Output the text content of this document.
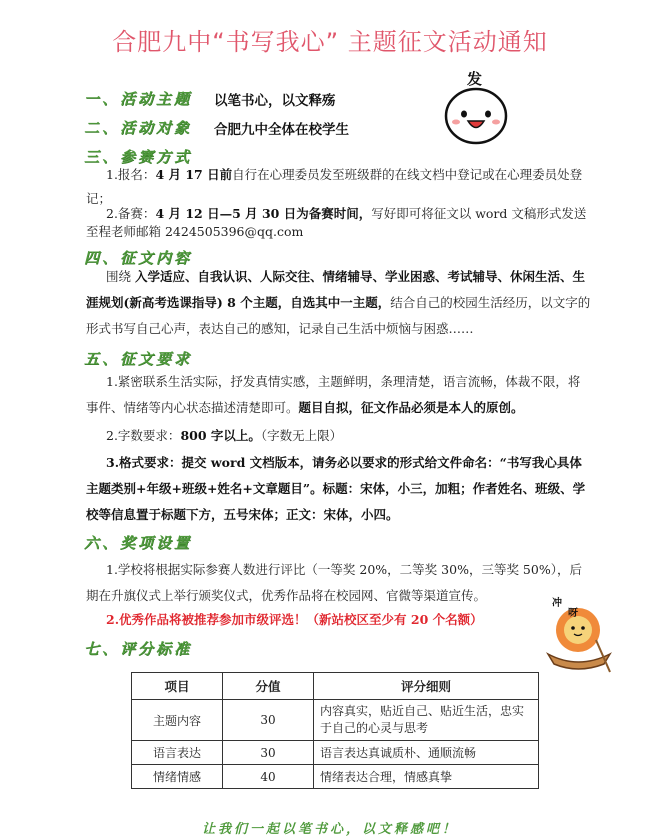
合肥九中“书写我心” 主题征文活动通知
一、活动主题 以笔书心，以文释殇
二、活动对象 合肥九中全体在校学生
发
三、参赛方式
1.报名：4 月 17 日前自行在心理委员发至班级群的在线文档中登记或在心理委员处登记；
2.备赛：4 月 12 日—5 月 30 日为备赛时间，写好即可将征文以 word 文稿形式发送至程老师邮箱 2424505396@qq.com
四、征文内容
围绕 入学适应、自我认识、人际交往、情绪辅导、学业困惑、考试辅导、休闲生活、生涯规划(新高考选课指导) 8 个主题，自选其中一主题，结合自己的校园生活经历，以文字的形式书写自己心声，表达自己的感知，记录自己生活中烦恼与困惑……
五、征文要求
1.紧密联系生活实际，抒发真情实感，主题鲜明，条理清楚，语言流畅，体裁不限，将事件、情绪等内心状态描述清楚即可。题目自拟，征文作品必须是本人的原创。
2.字数要求：800 字以上。（字数无上限）
3.格式要求：提交 word 文档版本，请务必以要求的形式给文件命名：“书写我心具体主题类别+年级+班级+姓名+文章题目”。标题：宋体，小三，加粗；作者姓名、班级、学校等信息置于标题下方，五号宋体；正文：宋体，小四。
六、奖项设置
1.学校将根据实际参赛人数进行评比（一等奖 20%，二等奖 30%，三等奖 50%），后期在升旗仪式上举行颁奖仪式，优秀作品将在校园网、官微等渠道宣传。
2.优秀作品将被推荐参加市级评选！（新站校区至少有 20 个名额）
冲
呀
七、评分标准
项目	分值	评分细则
主题内容	30	内容真实，贴近自己、贴近生活，忠实于自己的心灵与思考
语言表达	30	语言表达真诚质朴、通顺流畅
情绪情感	40	情绪表达合理，情感真挚
让我们一起以笔书心，以文释感吧！
